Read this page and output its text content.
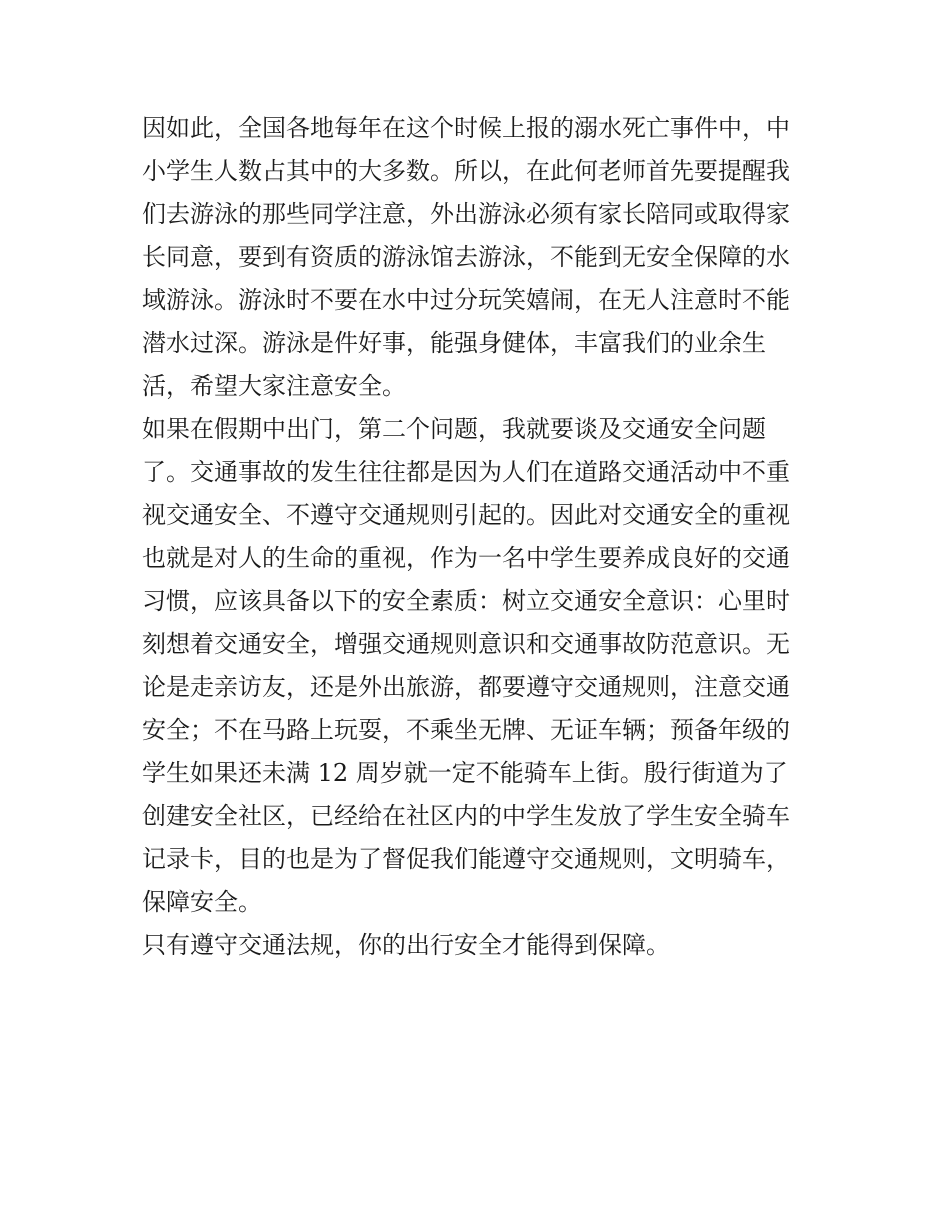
因如此，全国各地每年在这个时候上报的溺水死亡事件中，中

小学生人数占其中的大多数。所以，在此何老师首先要提醒我

们去游泳的那些同学注意，外出游泳必须有家长陪同或取得家

长同意，要到有资质的游泳馆去游泳，不能到无安全保障的水

域游泳。游泳时不要在水中过分玩笑嬉闹，在无人注意时不能

潜水过深。游泳是件好事，能强身健体，丰富我们的业余生

活，希望大家注意安全。

如果在假期中出门，第二个问题，我就要谈及交通安全问题

了。交通事故的发生往往都是因为人们在道路交通活动中不重

视交通安全、不遵守交通规则引起的。因此对交通安全的重视

也就是对人的生命的重视，作为一名中学生要养成良好的交通

习惯，应该具备以下的安全素质：树立交通安全意识：心里时

刻想着交通安全，增强交通规则意识和交通事故防范意识。无

论是走亲访友，还是外出旅游，都要遵守交通规则，注意交通

安全；不在马路上玩耍，不乘坐无牌、无证车辆；预备年级的

学生如果还未满 12 周岁就一定不能骑车上街。殷行街道为了

创建安全社区，已经给在社区内的中学生发放了学生安全骑车

记录卡，目的也是为了督促我们能遵守交通规则，文明骑车，

保障安全。

只有遵守交通法规，你的出行安全才能得到保障。
